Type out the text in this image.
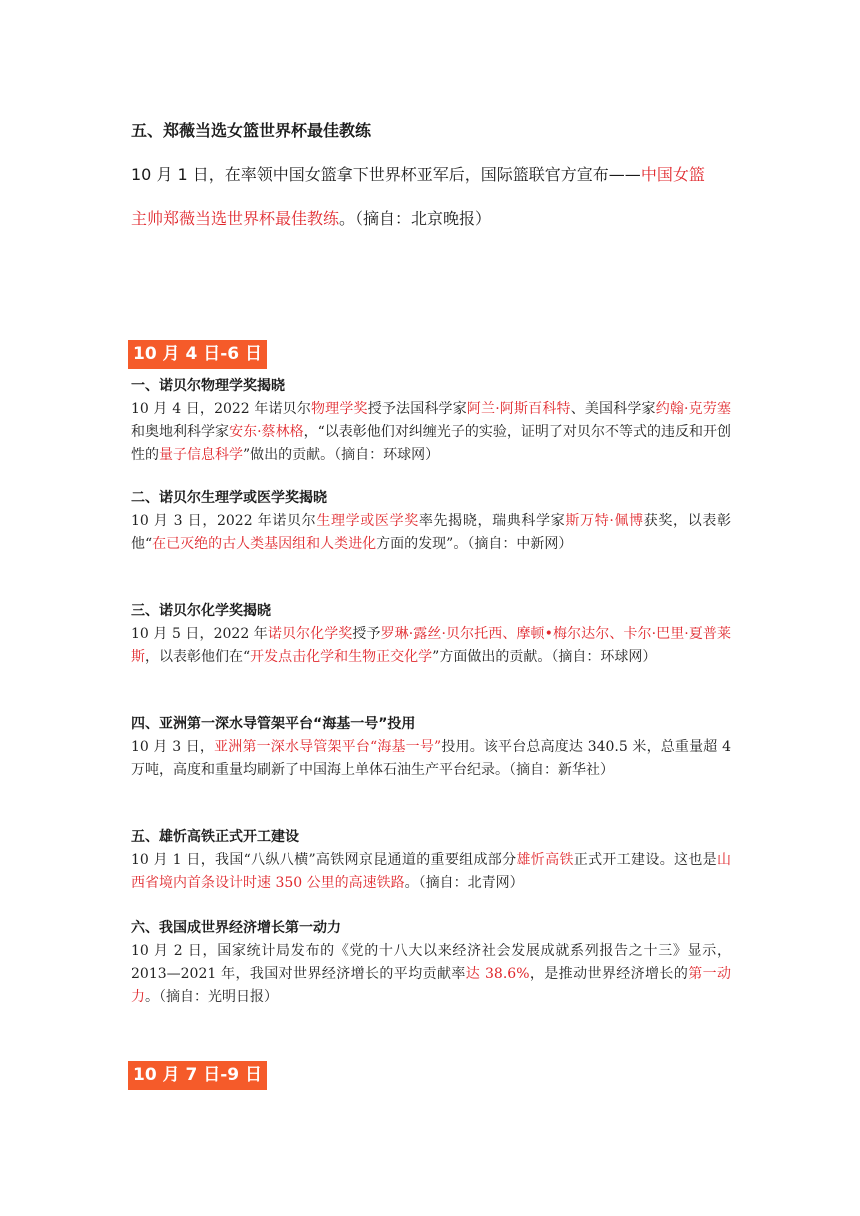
五、郑薇当选女篮世界杯最佳教练
10 月 1 日，在率领中国女篮拿下世界杯亚军后，国际篮联官方宣布——中国女篮
主帅郑薇当选世界杯最佳教练。（摘自：北京晚报）
10 月 4 日-6 日
一、诺贝尔物理学奖揭晓
10 月 4 日，2022 年诺贝尔物理学奖授予法国科学家阿兰·阿斯百科特、美国科学家约翰·克劳塞和奥地利科学家安东·蔡林格，“以表彰他们对纠缠光子的实验，证明了对贝尔不等式的违反和开创性的量子信息科学”做出的贡献。（摘自：环球网）
二、诺贝尔生理学或医学奖揭晓
10 月 3 日，2022 年诺贝尔生理学或医学奖率先揭晓，瑞典科学家斯万特·佩博获奖，以表彰他“在已灭绝的古人类基因组和人类进化方面的发现”。（摘自：中新网）
三、诺贝尔化学奖揭晓
10 月 5 日，2022 年诺贝尔化学奖授予罗琳·露丝·贝尔托西、摩顿•梅尔达尔、卡尔·巴里·夏普莱斯，以表彰他们在“开发点击化学和生物正交化学”方面做出的贡献。（摘自：环球网）
四、亚洲第一深水导管架平台“海基一号”投用
10 月 3 日，亚洲第一深水导管架平台“海基一号”投用。该平台总高度达 340.5 米，总重量超 4 万吨，高度和重量均刷新了中国海上单体石油生产平台纪录。（摘自：新华社）
五、雄忻高铁正式开工建设
10 月 1 日，我国“八纵八横”高铁网京昆通道的重要组成部分雄忻高铁正式开工建设。这也是山西省境内首条设计时速 350 公里的高速铁路。（摘自：北青网）
六、我国成世界经济增长第一动力
10 月 2 日，国家统计局发布的《党的十八大以来经济社会发展成就系列报告之十三》显示，2013—2021 年，我国对世界经济增长的平均贡献率达 38.6%，是推动世界经济增长的第一动力。（摘自：光明日报）
10 月 7 日-9 日
